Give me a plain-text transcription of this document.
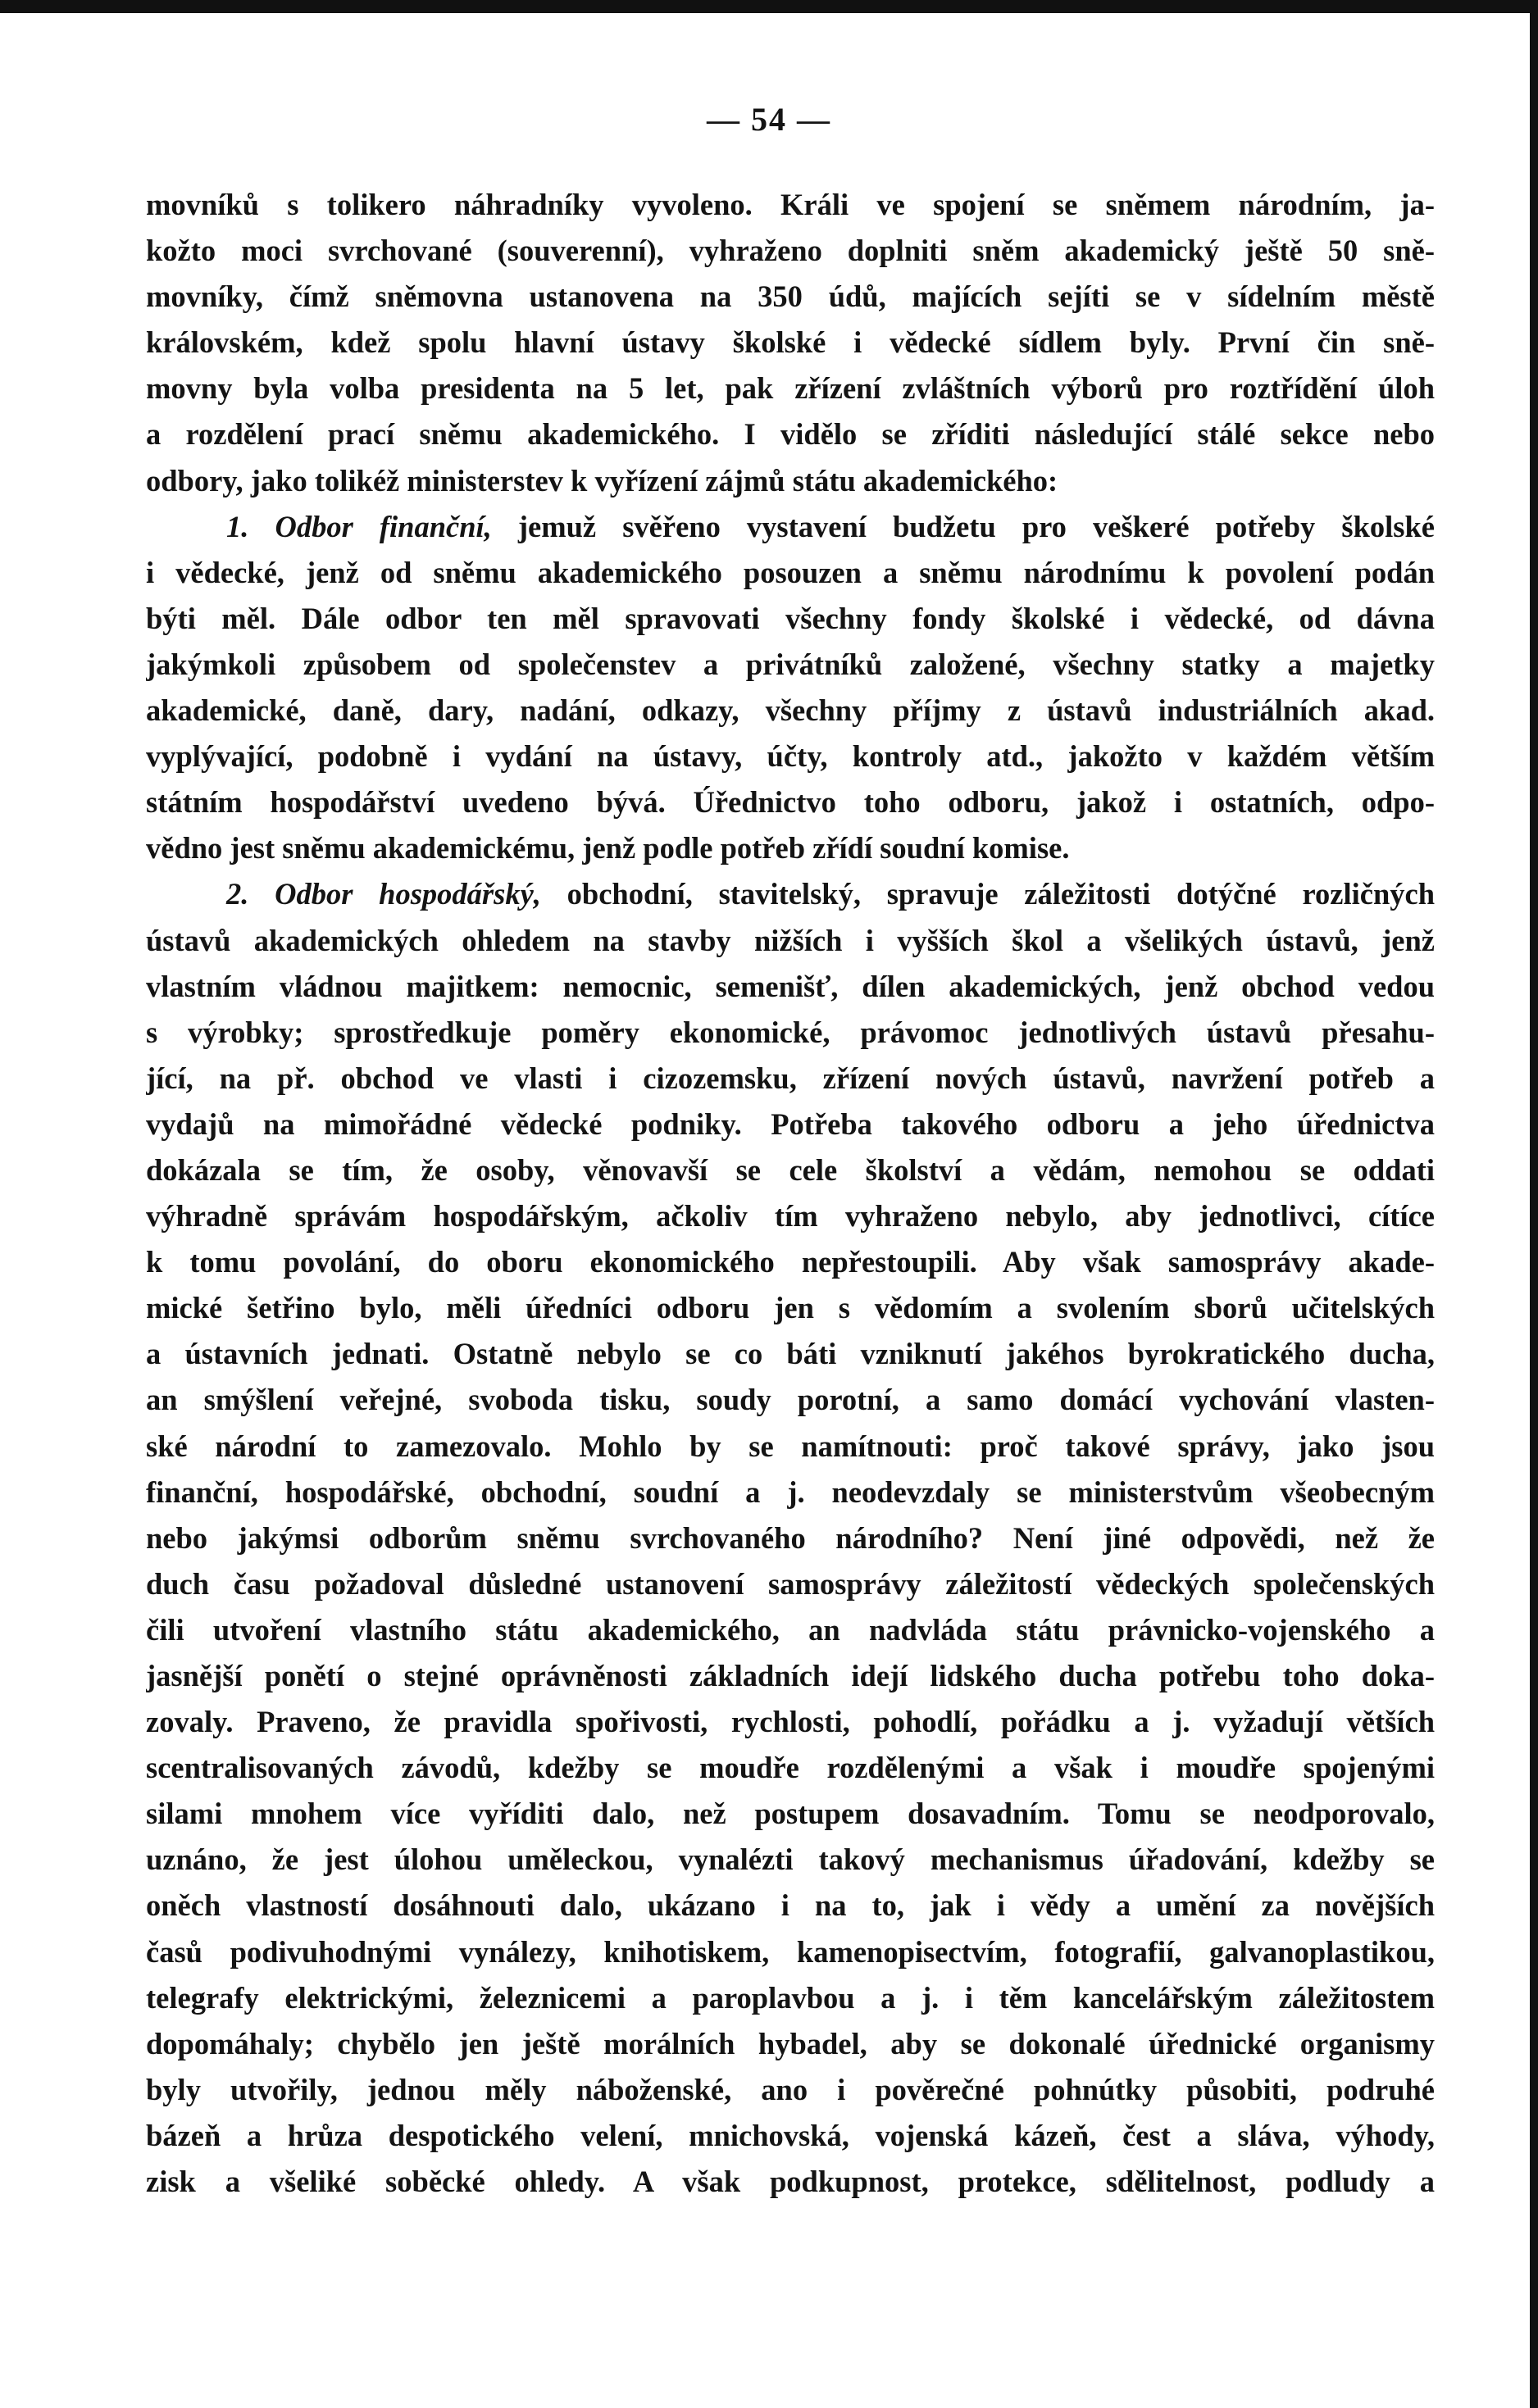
— 54 —
movníků s tolikero náhradníky vyvoleno. Králi ve spojení se sněmem národním, ja-
kožto moci svrchované (souverenní), vyhraženo doplniti sněm akademický ještě 50 sně-
movníky, čímž sněmovna ustanovena na 350 údů, majících sejíti se v sídelním městě
královském, kdež spolu hlavní ústavy školské i vědecké sídlem byly. První čin sně-
movny byla volba presidenta na 5 let, pak zřízení zvláštních výborů pro roztřídění úloh
a rozdělení prací sněmu akademického. I vidělo se zříditi následující stálé sekce nebo
odbory, jako tolikéž ministerstev k vyřízení zájmů státu akademického:
1. Odbor finanční, jemuž svěřeno vystavení budžetu pro veškeré potřeby školské
i vědecké, jenž od sněmu akademického posouzen a sněmu národnímu k povolení podán
býti měl. Dále odbor ten měl spravovati všechny fondy školské i vědecké, od dávna
jakýmkoli způsobem od společenstev a privátníků založené, všechny statky a majetky
akademické, daně, dary, nadání, odkazy, všechny příjmy z ústavů industriálních akad.
vyplývající, podobně i vydání na ústavy, účty, kontroly atd., jakožto v každém větším
státním hospodářství uvedeno bývá. Úřednictvo toho odboru, jakož i ostatních, odpo-
vědno jest sněmu akademickému, jenž podle potřeb zřídí soudní komise.
2. Odbor hospodářský, obchodní, stavitelský, spravuje záležitosti dotýčné rozličných
ústavů akademických ohledem na stavby nižších i vyšších škol a všelikých ústavů, jenž
vlastním vládnou majitkem: nemocnic, semenišť, dílen akademických, jenž obchod vedou
s výrobky; sprostředkuje poměry ekonomické, právomoc jednotlivých ústavů přesahu-
jící, na př. obchod ve vlasti i cizozemsku, zřízení nových ústavů, navržení potřeb a
vydajů na mimořádné vědecké podniky. Potřeba takového odboru a jeho úřednictva
dokázala se tím, že osoby, věnovavší se cele školství a vědám, nemohou se oddati
výhradně správám hospodářským, ačkoliv tím vyhraženo nebylo, aby jednotlivci, cítíce
k tomu povolání, do oboru ekonomického nepřestoupili. Aby však samosprávy akade-
mické šetřino bylo, měli úředníci odboru jen s vědomím a svolením sborů učitelských
a ústavních jednati. Ostatně nebylo se co báti vzniknutí jakéhos byrokratického ducha,
an smýšlení veřejné, svoboda tisku, soudy porotní, a samo domácí vychování vlasten-
ské národní to zamezovalo. Mohlo by se namítnouti: proč takové správy, jako jsou
finanční, hospodářské, obchodní, soudní a j. neodevzdaly se ministerstvům všeobecným
nebo jakýmsi odborům sněmu svrchovaného národního? Není jiné odpovědi, než že
duch času požadoval důsledné ustanovení samosprávy záležitostí vědeckých společenských
čili utvoření vlastního státu akademického, an nadvláda státu právnicko-vojenského a
jasnější ponětí o stejné oprávněnosti základních idejí lidského ducha potřebu toho doka-
zovaly. Praveno, že pravidla spořivosti, rychlosti, pohodlí, pořádku a j. vyžadují větších
scentralisovaných závodů, kdežby se moudře rozdělenými a však i moudře spojenými
silami mnohem více vyříditi dalo, než postupem dosavadním. Tomu se neodporovalo,
uznáno, že jest úlohou uměleckou, vynalézti takový mechanismus úřadování, kdežby se
oněch vlastností dosáhnouti dalo, ukázano i na to, jak i vědy a umění za novějších
časů podivuhodnými vynálezy, knihotiskem, kamenopisectvím, fotografií, galvanoplastikou,
telegrafy elektrickými, železnicemi a paroplavbou a j. i těm kancelářským záležitostem
dopomáhaly; chybělo jen ještě morálních hybadel, aby se dokonalé úřednické organismy
byly utvořily, jednou měly náboženské, ano i pověrečné pohnútky působiti, podruhé
bázeň a hrůza despotického velení, mnichovská, vojenská kázeň, čest a sláva, výhody,
zisk a všeliké soběcké ohledy. A však podkupnost, protekce, sdělitelnost, podludy a
